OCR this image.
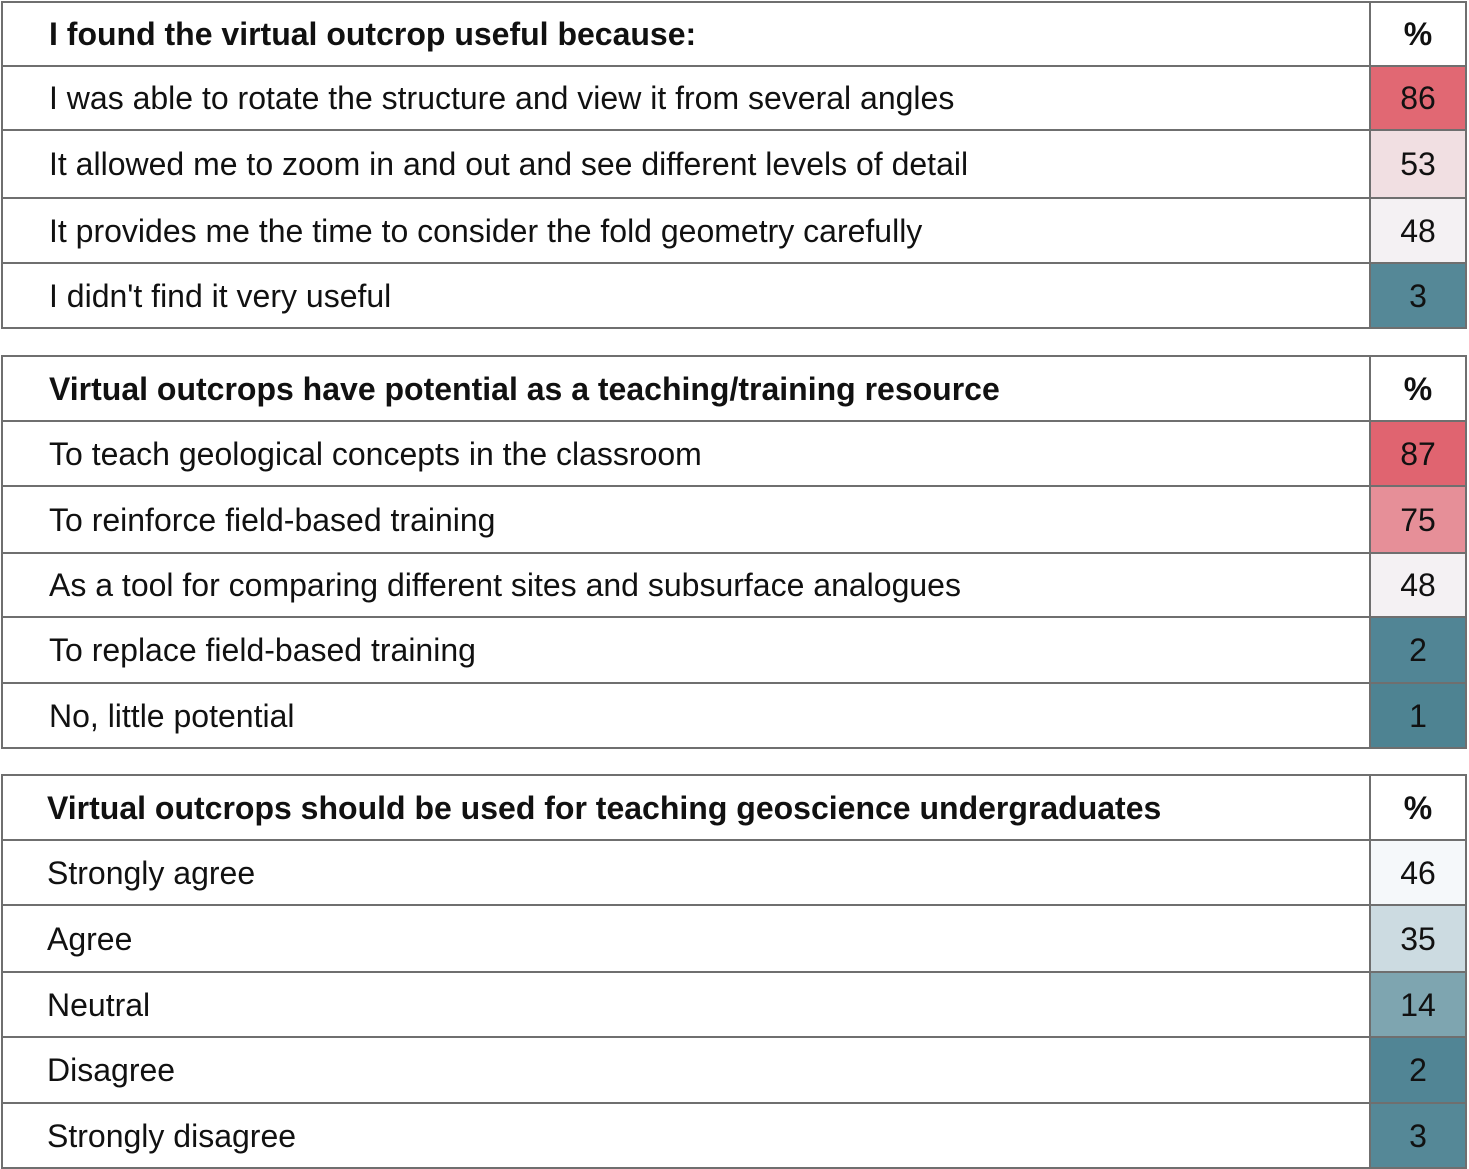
I found the virtual outcrop useful because:	%
I was able to rotate the structure and view it from several angles	86
It allowed me to zoom in and out and see different levels of detail	53
It provides me the time to consider the fold geometry carefully	48
I didn't find it very useful	3
Virtual outcrops have potential as a teaching/training resource	%
To teach geological concepts in the classroom	87
To reinforce field-based training	75
As a tool for comparing different sites and subsurface analogues	48
To replace field-based training	2
No, little potential	1
Virtual outcrops should be used for teaching geoscience undergraduates	%
Strongly agree	46
Agree	35
Neutral	14
Disagree	2
Strongly disagree	3
